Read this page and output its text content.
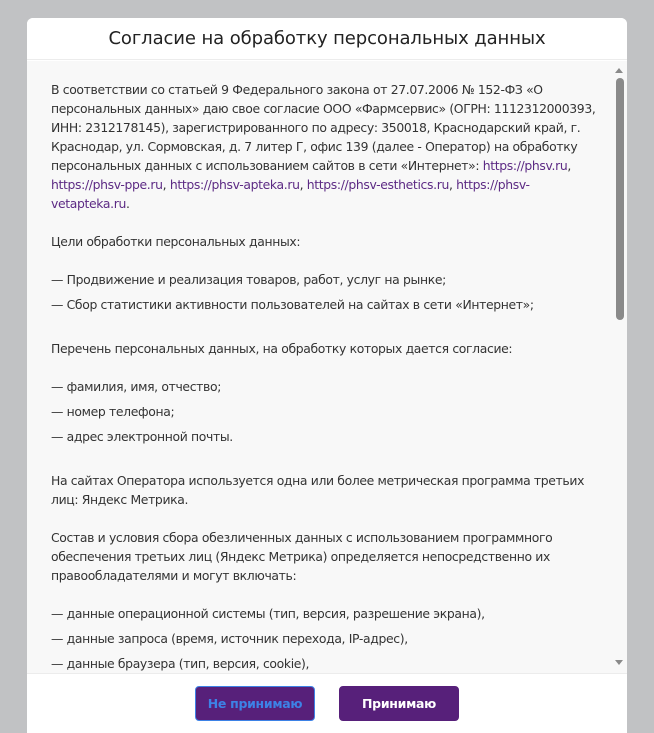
Согласие на обработку персональных данных

В соответствии со статьей 9 Федерального закона от 27.07.2006 № 152-ФЗ «О персональных данных» даю свое согласие ООО «Фармсервис» (ОГРН: 1112312000393, ИНН: 2312178145), зарегистрированного по адресу: 350018, Краснодарский край, г. Краснодар, ул. Сормовская, д. 7 литер Г, офис 139 (далее - Оператор) на обработку персональных данных с использованием сайтов в сети «Интернет»: https://phsv.ru, https://phsv-ppe.ru, https://phsv-apteka.ru, https://phsv-esthetics.ru, https://phsv-vetapteka.ru.

Цели обработки персональных данных:

— Продвижение и реализация товаров, работ, услуг на рынке;
— Сбор статистики активности пользователей на сайтах в сети «Интернет»;

Перечень персональных данных, на обработку которых дается согласие:

— фамилия, имя, отчество;
— номер телефона;
— адрес электронной почты.

На сайтах Оператора используется одна или более метрическая программа третьих лиц: Яндекс Метрика.

Состав и условия сбора обезличенных данных с использованием программного обеспечения третьих лиц (Яндекс Метрика) определяется непосредственно их правообладателями и могут включать:

— данные операционной системы (тип, версия, разрешение экрана),
— данные запроса (время, источник перехода, IP-адрес),
— данные браузера (тип, версия, cookie),
Не принимаю	Принимаю
